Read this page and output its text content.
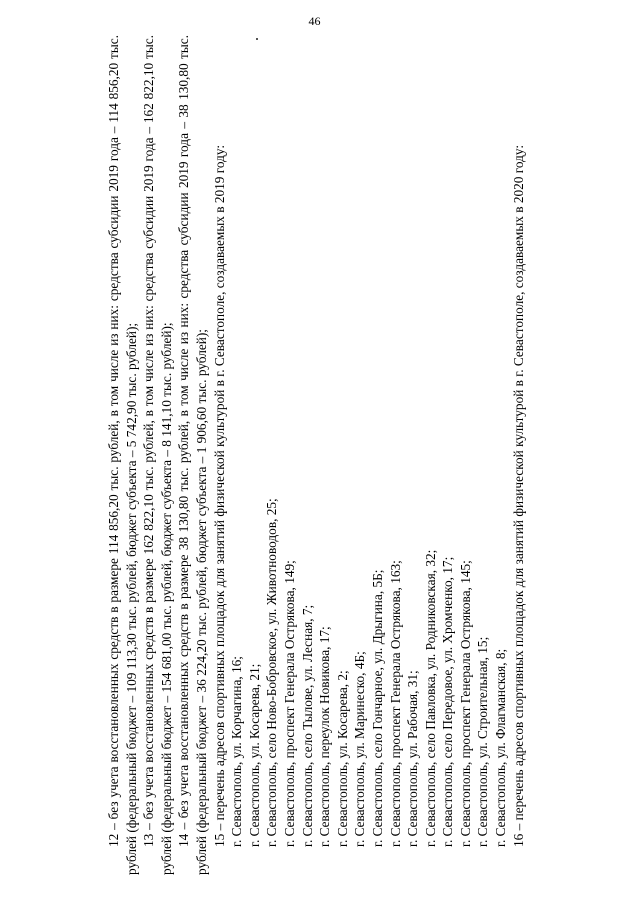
46

12 – без учета восстановленных средств в размере 114 856,20 тыс. рублей, в том числе из них: средства субсидии 2019 года – 114 856,20 тыс. рублей (федеральный бюджет – 109 113,30 тыс. рублей, бюджет субъекта – 5 742,90 тыс. рублей); 13 – без учета восстановленных средств в размере 162 822,10 тыс. рублей, в том числе из них: средства субсидии 2019 года – 162 822,10 тыс. рублей (федеральный бюджет – 154 681,00 тыс. рублей, бюджет субъекта – 8 141,10 тыс. рублей); 14 – без учета восстановленных средств в размере 38 130,80 тыс. рублей, в том числе из них: средства субсидии 2019 года – 38 130,80 тыс. рублей (федеральный бюджет – 36 224,20 тыс. рублей, бюджет субъекта – 1 906,60 тыс. рублей); 15 – перечень адресов спортивных площадок для занятий физической культурой в г. Севастополе, создаваемых в 2019 году: г. Севастополь, ул. Корчагина, 16; г. Севастополь, ул. Косарева, 21; г. Севастополь, село Ново-Бобровское, ул. Животноводов, 25; г. Севастополь, проспект Генерала Острякова, 149; г. Севастополь, село Тылове, ул. Лесная, 7; г. Севастополь, переулок Новикова, 17; г. Севастополь, ул. Косарева, 2; г. Севастополь, ул. Маринеско, 4Б; г. Севастополь, село Гончарное, ул. Дрыгина, 5Б; г. Севастополь, проспект Генерала Острякова, 163; г. Севастополь, ул. Рабочая, 31; г. Севастополь, село Павловка, ул. Родниковская, 32; г. Севастополь, село Передовое, ул. Хромченко, 17; г. Севастополь, проспект Генерала Острякова, 145; г. Севастополь, ул. Строительная, 15; г. Севастополь, ул. Флагманская, 8; 16 – перечень адресов спортивных площадок для занятий физической культурой в г. Севастополе, создаваемых в 2020 году:
